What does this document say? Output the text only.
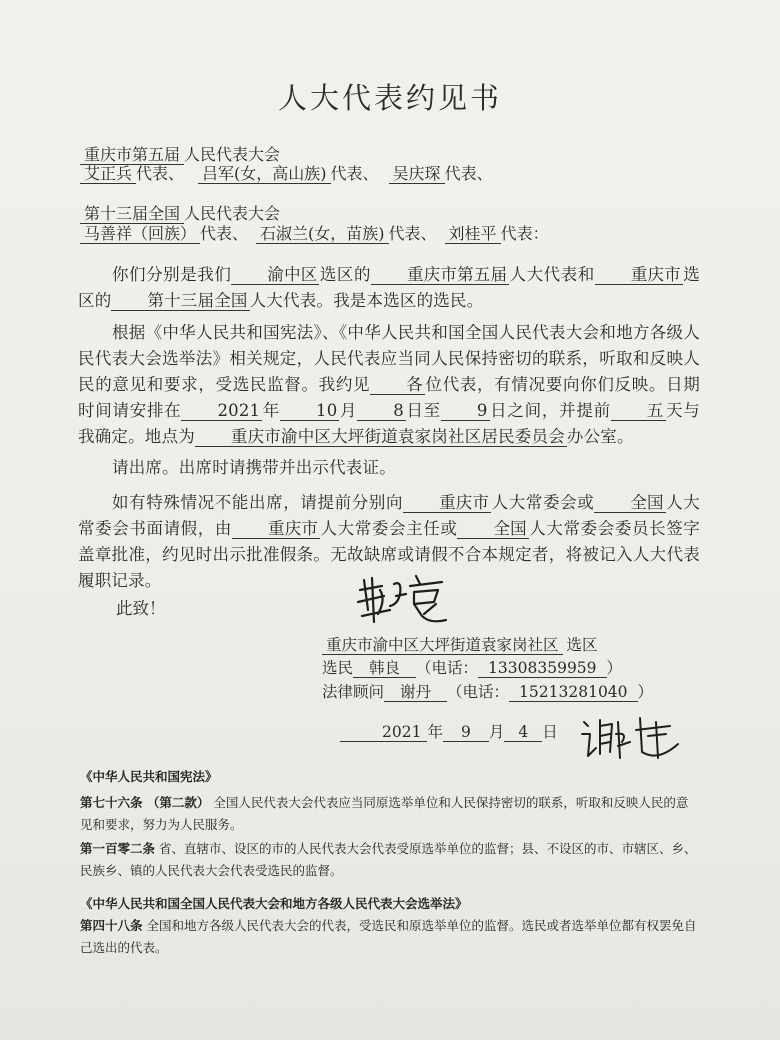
人大代表约见书
重庆市第五届 人民代表大会
艾正兵 代表、 吕军(女，高山族) 代表、 吴庆琛 代表、
第十三届全国 人民代表大会
马善祥（回族） 代表、 石淑兰(女，苗族) 代表、 刘桂平 代表：
你们分别是我们 渝中区 选区的 重庆市第五届 人大代表和 重庆市 选区的 第十三届全国 人大代表。我是本选区的选民。
根据《中华人民共和国宪法》、《中华人民共和国全国人民代表大会和地方各级人民代表大会选举法》相关规定，人民代表应当同人民保持密切的联系，听取和反映人民的意见和要求，受选民监督。我约见 各 位代表，有情况要向你们反映。日期时间请安排在 2021 年 10 月 8 日至 9 日之间，并提前 五 天与我确定。地点为 重庆市渝中区大坪街道袁家岗社区居民委员会 办公室。
请出席。出席时请携带并出示代表证。
如有特殊情况不能出席，请提前分别向 重庆市 人大常委会或 全国 人大常委会书面请假，由 重庆市 人大常委会主任或 全国 人大常委会委员长签字盖章批准，约见时出示批准假条。无故缺席或请假不合本规定者，将被记入人大代表履职记录。
此致！
重庆市渝中区大坪街道袁家岗社区 选区
选民 韩良 （电话： 13308359959 ）
法律顾问 谢丹 （电话： 15213281040 ）
2021 年 9 月 4 日
《中华人民共和国宪法》
第七十六条 （第二款） 全国人民代表大会代表应当同原选举单位和人民保持密切的联系，听取和反映人民的意见和要求，努力为人民服务。
第一百零二条 省、直辖市、设区的市的人民代表大会代表受原选举单位的监督；县、不设区的市、市辖区、乡、民族乡、镇的人民代表大会代表受选民的监督。
《中华人民共和国全国人民代表大会和地方各级人民代表大会选举法》
第四十八条 全国和地方各级人民代表大会的代表，受选民和原选举单位的监督。选民或者选举单位都有权罢免自己选出的代表。
